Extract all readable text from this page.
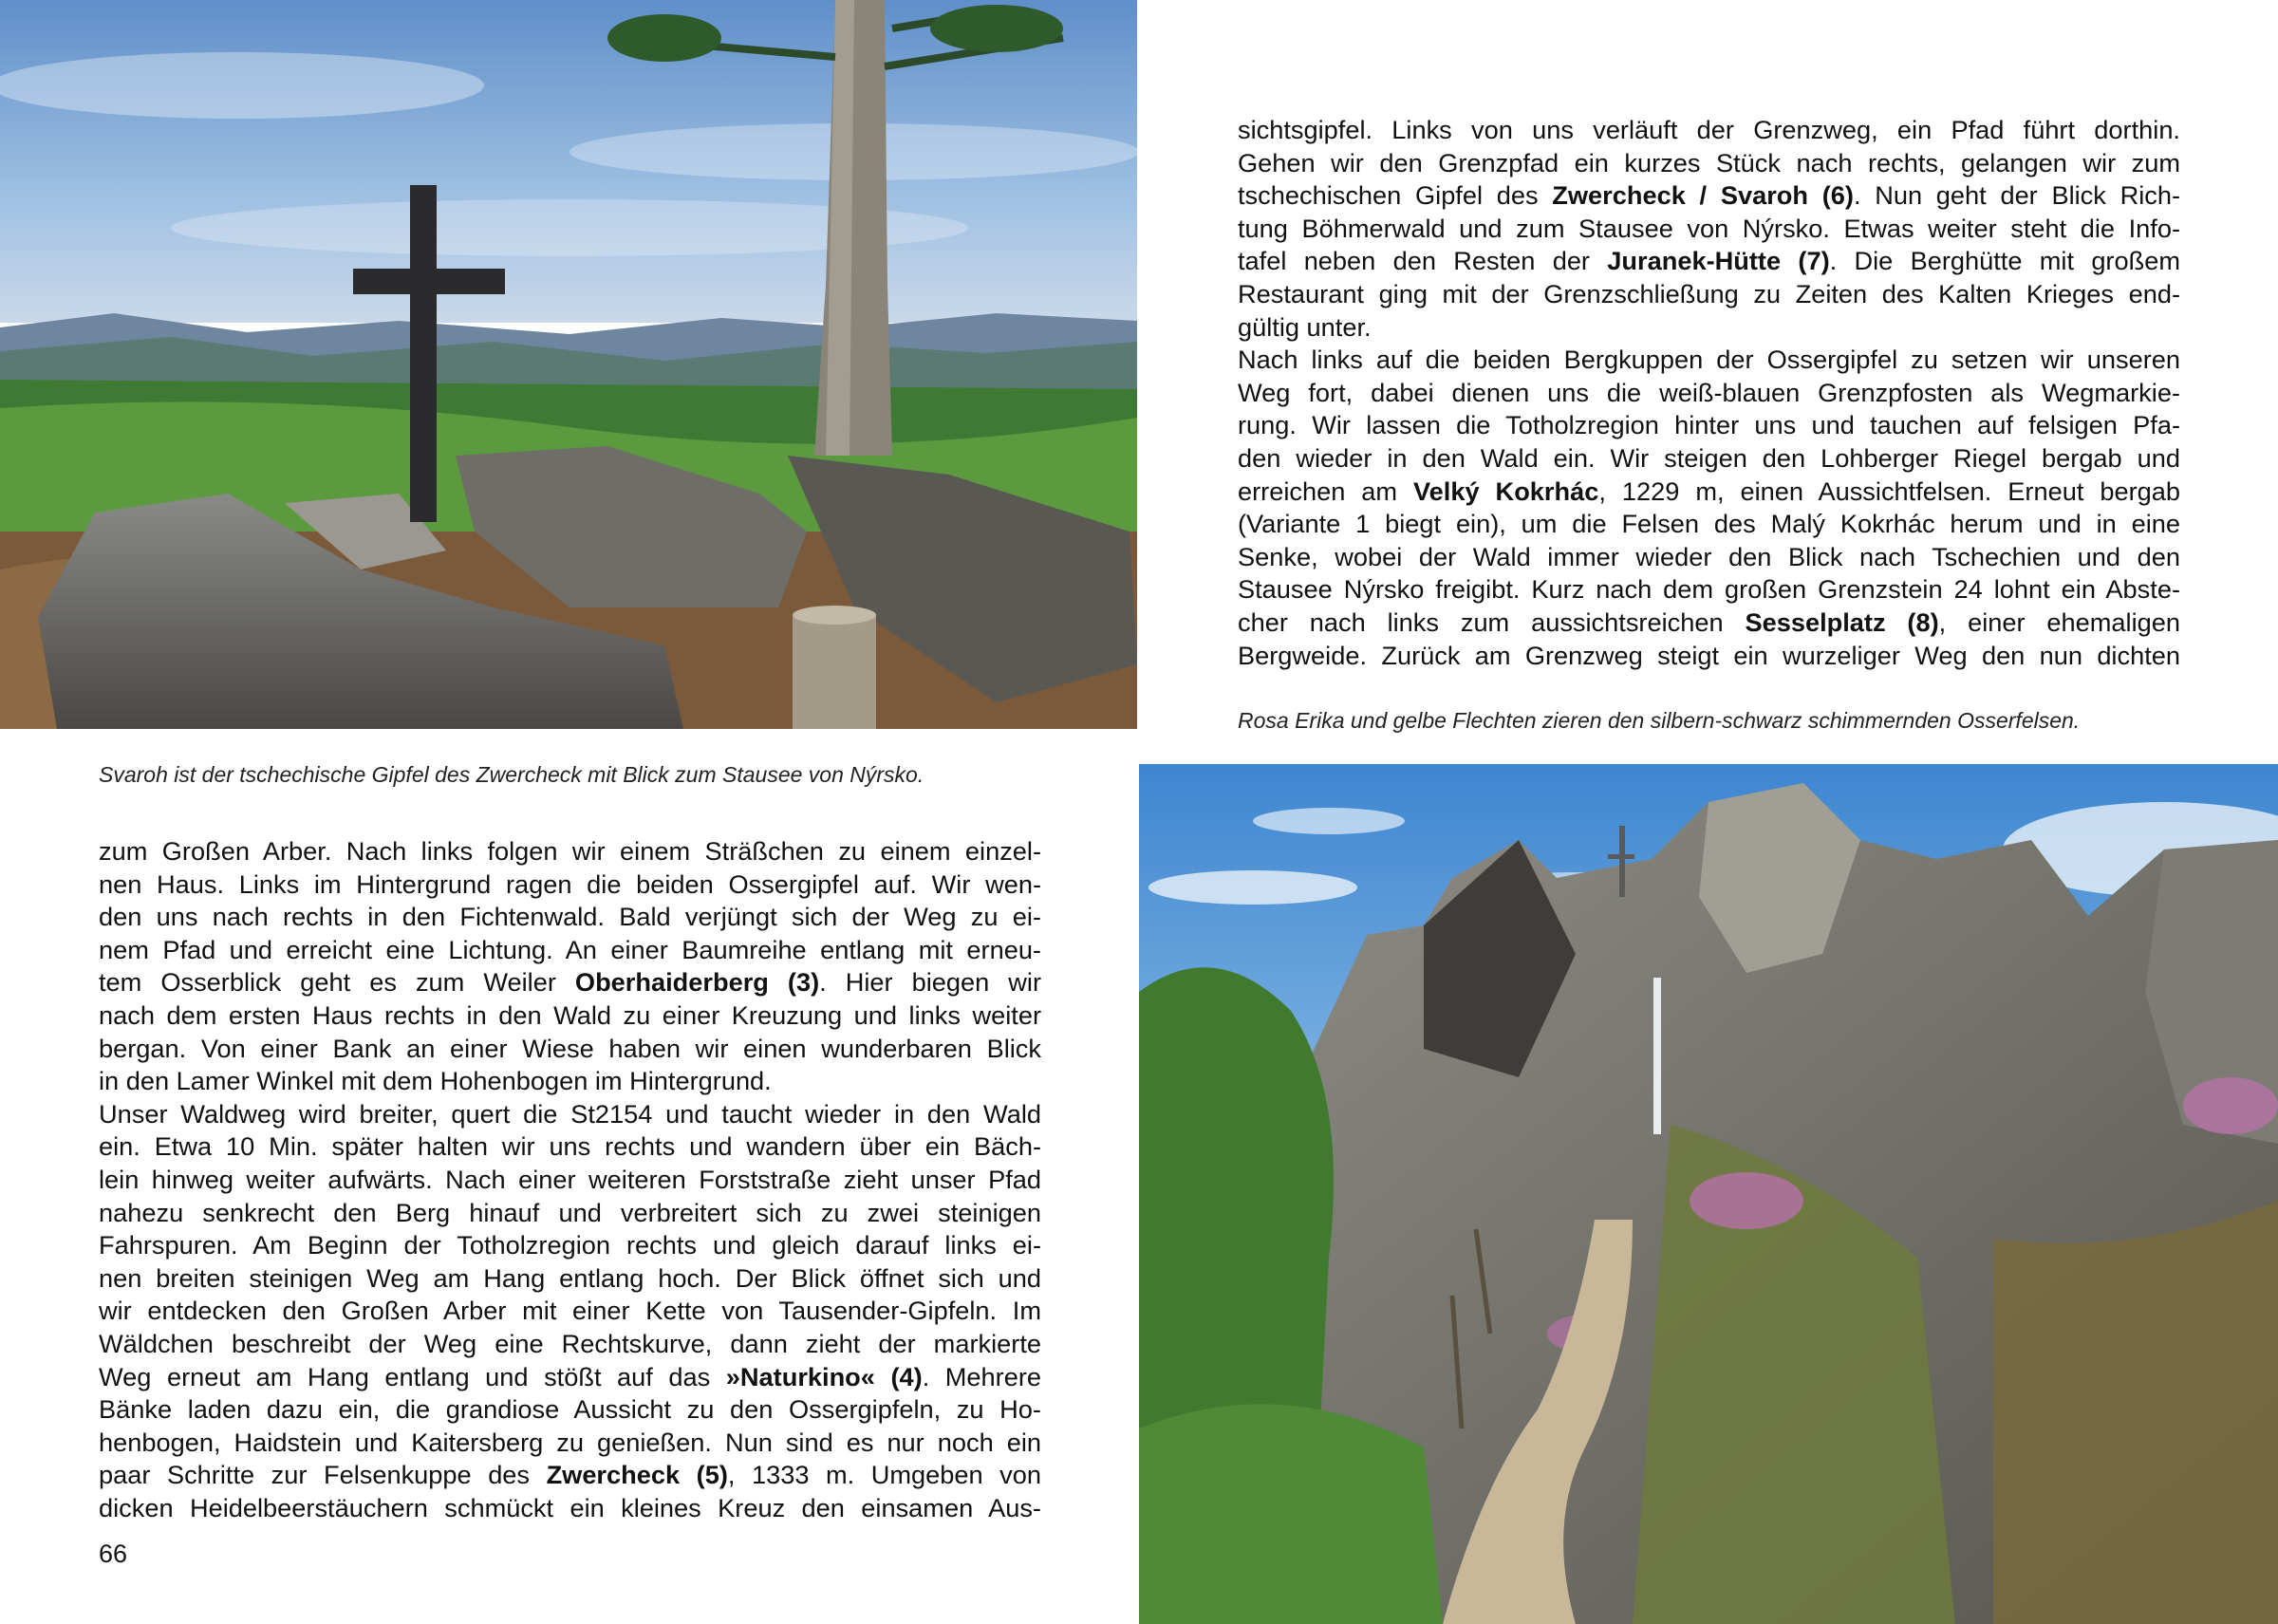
Svaroh ist der tschechische Gipfel des Zwercheck mit Blick zum Stausee von Nýrsko.
Rosa Erika und gelbe Flechten zieren den silbern-schwarz schimmernden Osserfelsen.
zum Großen Arber. Nach links folgen wir einem Sträßchen zu einem einzel-
nen Haus. Links im Hintergrund ragen die beiden Ossergipfel auf. Wir wen-
den uns nach rechts in den Fichtenwald. Bald verjüngt sich der Weg zu ei-
nem Pfad und erreicht eine Lichtung. An einer Baumreihe entlang mit erneu-
tem Osserblick geht es zum Weiler Oberhaiderberg (3). Hier biegen wir
nach dem ersten Haus rechts in den Wald zu einer Kreuzung und links weiter
bergan. Von einer Bank an einer Wiese haben wir einen wunderbaren Blick
in den Lamer Winkel mit dem Hohenbogen im Hintergrund.
Unser Waldweg wird breiter, quert die St2154 und taucht wieder in den Wald
ein. Etwa 10 Min. später halten wir uns rechts und wandern über ein Bäch-
lein hinweg weiter aufwärts. Nach einer weiteren Forststraße zieht unser Pfad
nahezu senkrecht den Berg hinauf und verbreitert sich zu zwei steinigen
Fahrspuren. Am Beginn der Totholzregion rechts und gleich darauf links ei-
nen breiten steinigen Weg am Hang entlang hoch. Der Blick öffnet sich und
wir entdecken den Großen Arber mit einer Kette von Tausender-Gipfeln. Im
Wäldchen beschreibt der Weg eine Rechtskurve, dann zieht der markierte
Weg erneut am Hang entlang und stößt auf das »Naturkino« (4). Mehrere
Bänke laden dazu ein, die grandiose Aussicht zu den Ossergipfeln, zu Ho-
henbogen, Haidstein und Kaitersberg zu genießen. Nun sind es nur noch ein
paar Schritte zur Felsenkuppe des Zwercheck (5), 1333 m. Umgeben von
dicken Heidelbeerstäuchern schmückt ein kleines Kreuz den einsamen Aus-
sichtsgipfel. Links von uns verläuft der Grenzweg, ein Pfad führt dorthin.
Gehen wir den Grenzpfad ein kurzes Stück nach rechts, gelangen wir zum
tschechischen Gipfel des Zwercheck / Svaroh (6). Nun geht der Blick Rich-
tung Böhmerwald und zum Stausee von Nýrsko. Etwas weiter steht die Info-
tafel neben den Resten der Juranek-Hütte (7). Die Berghütte mit großem
Restaurant ging mit der Grenzschließung zu Zeiten des Kalten Krieges end-
gültig unter.
Nach links auf die beiden Bergkuppen der Ossergipfel zu setzen wir unseren
Weg fort, dabei dienen uns die weiß-blauen Grenzpfosten als Wegmarkie-
rung. Wir lassen die Totholzregion hinter uns und tauchen auf felsigen Pfa-
den wieder in den Wald ein. Wir steigen den Lohberger Riegel bergab und
erreichen am Velký Kokrhác, 1229 m, einen Aussichtfelsen. Erneut bergab
(Variante 1 biegt ein), um die Felsen des Malý Kokrhác herum und in eine
Senke, wobei der Wald immer wieder den Blick nach Tschechien und den
Stausee Nýrsko freigibt. Kurz nach dem großen Grenzstein 24 lohnt ein Abste-
cher nach links zum aussichtsreichen Sesselplatz (8), einer ehemaligen
Bergweide. Zurück am Grenzweg steigt ein wurzeliger Weg den nun dichten
66
